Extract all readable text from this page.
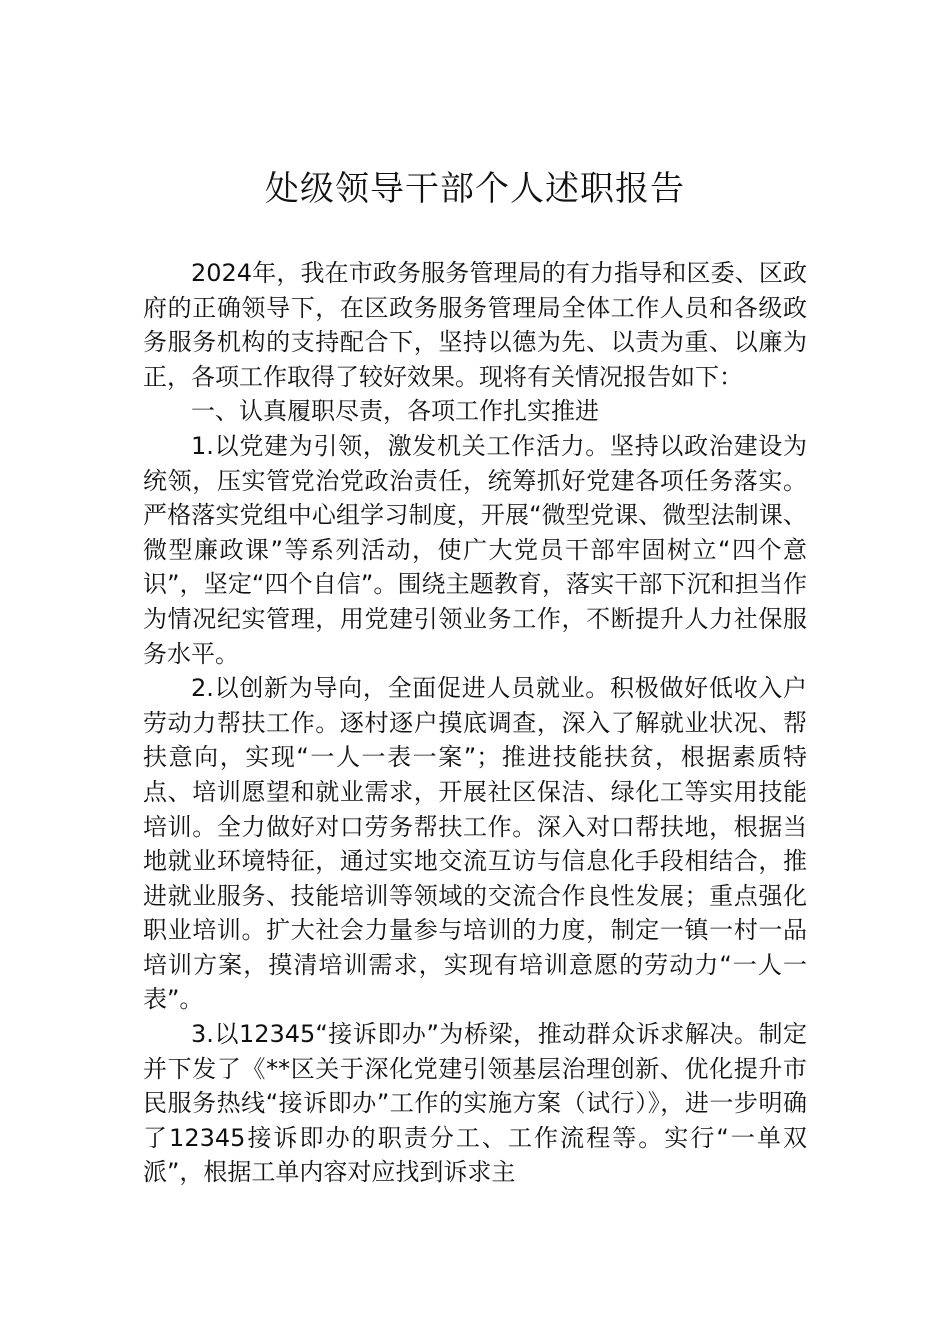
处级领导干部个人述职报告

2024年，我在市政务服务管理局的有力指导和区委、区政府的正确领导下，在区政务服务管理局全体工作人员和各级政务服务机构的支持配合下，坚持以德为先、以责为重、以廉为正，各项工作取得了较好效果。现将有关情况报告如下：

一、认真履职尽责，各项工作扎实推进

1.以党建为引领，激发机关工作活力。坚持以政治建设为统领，压实管党治党政治责任，统筹抓好党建各项任务落实。严格落实党组中心组学习制度，开展“微型党课、微型法制课、微型廉政课”等系列活动，使广大党员干部牢固树立“四个意识”，坚定“四个自信”。围绕主题教育，落实干部下沉和担当作为情况纪实管理，用党建引领业务工作，不断提升人力社保服务水平。

2.以创新为导向，全面促进人员就业。积极做好低收入户劳动力帮扶工作。逐村逐户摸底调查，深入了解就业状况、帮扶意向，实现“一人一表一案”；推进技能扶贫，根据素质特点、培训愿望和就业需求，开展社区保洁、绿化工等实用技能培训。全力做好对口劳务帮扶工作。深入对口帮扶地，根据当地就业环境特征，通过实地交流互访与信息化手段相结合，推进就业服务、技能培训等领域的交流合作良性发展；重点强化职业培训。扩大社会力量参与培训的力度，制定一镇一村一品培训方案，摸清培训需求，实现有培训意愿的劳动力“一人一表”。

3.以12345“接诉即办”为桥梁，推动群众诉求解决。制定并下发了《**区关于深化党建引领基层治理创新、优化提升市民服务热线“接诉即办”工作的实施方案（试行）》，进一步明确了12345接诉即办的职责分工、工作流程等。实行“一单双派”，根据工单内容对应找到诉求主
